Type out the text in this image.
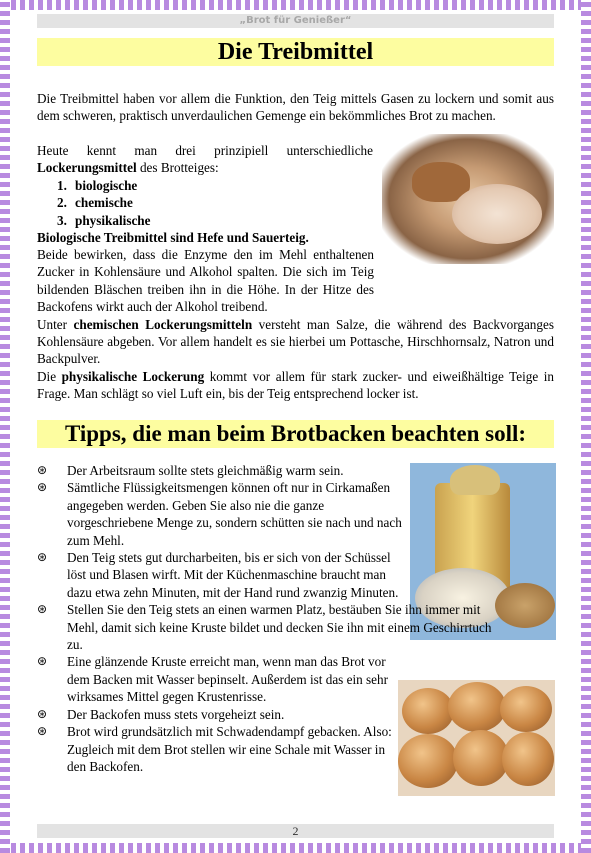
„Brot für Genießer“
Die Treibmittel

Die Treibmittel haben vor allem die Funktion, den Teig mittels Gasen zu lockern und somit aus dem schweren, praktisch unverdaulichen Gemenge ein bekömmliches Brot zu machen.

Heute kennt man drei prinzipiell unterschiedliche Lockerungsmittel des Brotteiges:

1. biologische
2. chemische
3. physikalische

Biologische Treibmittel sind Hefe und Sauerteig.

Beide bewirken, dass die Enzyme den im Mehl enthaltenen Zucker in Kohlensäure und Alkohol spalten. Die sich im Teig bildenden Bläschen treiben ihn in die Höhe. In der Hitze des Backofens wirkt auch der Alkohol treibend.

Unter chemischen Lockerungsmitteln versteht man Salze, die während des Backvorganges Kohlensäure abgeben. Vor allem handelt es sie hierbei um Pottasche, Hirschhornsalz, Natron und Backpulver.

Die physikalische Lockerung kommt vor allem für stark zucker- und eiweißhältige Teige in Frage. Man schlägt so viel Luft ein, bis der Teig entsprechend locker ist.

Tipps, die man beim Brotbacken beachten soll:
⊛ Der Arbeitsraum sollte stets gleichmäßig warm sein.
⊛ Sämtliche Flüssigkeitsmengen können oft nur in Cirkamaßen angegeben werden. Geben Sie also nie die ganze vorgeschriebene Menge zu, sondern schütten sie nach und nach zum Mehl.
⊛ Den Teig stets gut durcharbeiten, bis er sich von der Schüssel löst und Blasen wirft. Mit der Küchenmaschine braucht man dazu etwa zehn Minuten, mit der Hand rund zwanzig Minuten.
⊛ Stellen Sie den Teig stets an einen warmen Platz, bestäuben Sie ihn immer mit Mehl, damit sich keine Kruste bildet und decken Sie ihn mit einem Geschirrtuch zu.
⊛ Eine glänzende Kruste erreicht man, wenn man das Brot vor dem Backen mit Wasser bepinselt. Außerdem ist das ein sehr wirksames Mittel gegen Krustenrisse.
⊛ Der Backofen muss stets vorgeheizt sein.
⊛ Brot wird grundsätzlich mit Schwadendampf gebacken. Also: Zugleich mit dem Brot stellen wir eine Schale mit Wasser in den Backofen.
2
